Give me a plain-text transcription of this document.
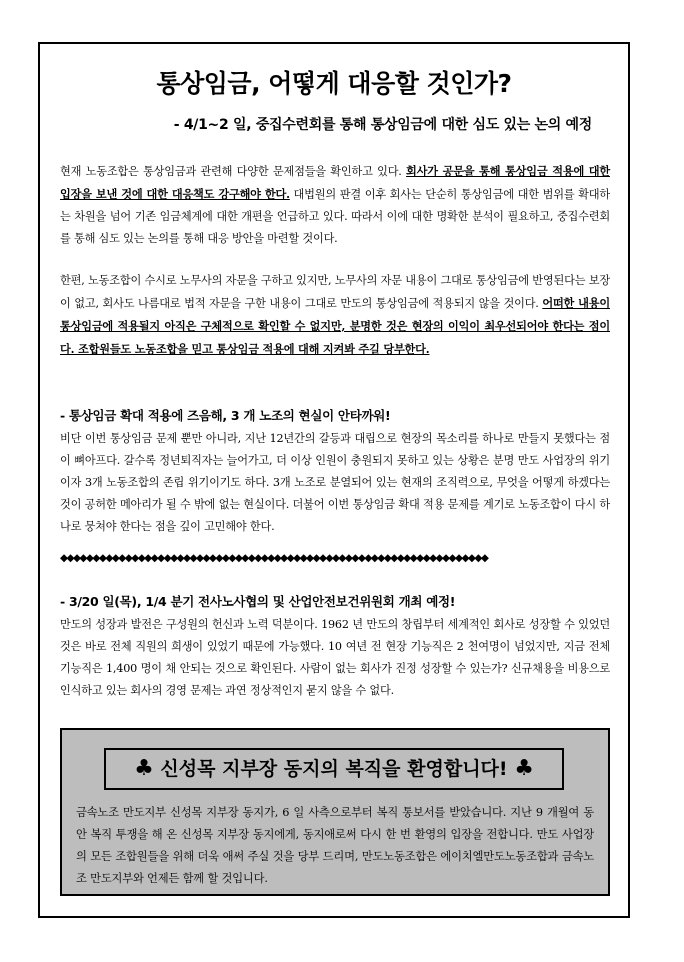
통상임금, 어떻게 대응할 것인가?
- 4/1~2 일, 중집수련회를 통해 통상임금에 대한 심도 있는 논의 예정
현재 노동조합은 통상임금과 관련해 다양한 문제점들을 확인하고 있다. 회사가 공문을 통해 통상임금 적용에 대한 입장을 보낸 것에 대한 대응책도 강구해야 한다. 대법원의 판결 이후 회사는 단순히 통상임금에 대한 범위를 확대하는 차원을 넘어 기존 임금체계에 대한 개편을 언급하고 있다. 따라서 이에 대한 명확한 분석이 필요하고, 중집수련회를 통해 심도 있는 논의를 통해 대응 방안을 마련할 것이다.
한편, 노동조합이 수시로 노무사의 자문을 구하고 있지만, 노무사의 자문 내용이 그대로 통상임금에 반영된다는 보장이 없고, 회사도 나름대로 법적 자문을 구한 내용이 그대로 만도의 통상임금에 적용되지 않을 것이다. 어떠한 내용이 통상임금에 적용될지 아직은 구체적으로 확인할 수 없지만, 분명한 것은 현장의 이익이 최우선되어야 한다는 점이다. 조합원들도 노동조합을 믿고 통상임금 적용에 대해 지켜봐 주길 당부한다.
- 통상임금 확대 적용에 즈음해, 3 개 노조의 현실이 안타까워!
비단 이번 통상임금 문제 뿐만 아니라, 지난 12년간의 갈등과 대립으로 현장의 목소리를 하나로 만들지 못했다는 점이 뼈아프다. 갈수록 정년퇴직자는 늘어가고, 더 이상 인원이 충원되지 못하고 있는 상황은 분명 만도 사업장의 위기이자 3개 노동조합의 존립 위기이기도 하다. 3개 노조로 분열되어 있는 현재의 조직력으로, 무엇을 어떻게 하겠다는 것이 공허한 메아리가 될 수 밖에 없는 현실이다. 더불어 이번 통상임금 확대 적용 문제를 계기로 노동조합이 다시 하나로 뭉쳐야 한다는 점을 깊이 고민해야 한다.
◆◆◆◆◆◆◆◆◆◆◆◆◆◆◆◆◆◆◆◆◆◆◆◆◆◆◆◆◆◆◆◆◆◆◆◆◆◆◆◆◆◆◆◆◆◆◆◆◆◆◆◆◆◆◆◆◆◆◆◆◆◆◆◆◆◆
- 3/20 일(목), 1/4 분기 전사노사협의 및 산업안전보건위원회 개최 예정!
만도의 성장과 발전은 구성원의 헌신과 노력 덕분이다. 1962 년 만도의 창립부터 세계적인 회사로 성장할 수 있었던 것은 바로 전체 직원의 희생이 있었기 때문에 가능했다. 10 여년 전 현장 기능직은 2 천여명이 넘었지만, 지금 전체 기능직은 1,400 명이 채 안되는 것으로 확인된다. 사람이 없는 회사가 진정 성장할 수 있는가? 신규채용을 비용으로 인식하고 있는 회사의 경영 문제는 과연 정상적인지 묻지 않을 수 없다.
♣ 신성목 지부장 동지의 복직을 환영합니다! ♣
금속노조 만도지부 신성목 지부장 동지가, 6 일 사측으로부터 복직 통보서를 받았습니다. 지난 9 개월여 동안 복직 투쟁을 해 온 신성목 지부장 동지에게, 동지애로써 다시 한 번 환영의 입장을 전합니다. 만도 사업장의 모든 조합원들을 위해 더욱 애써 주실 것을 당부 드리며, 만도노동조합은 에이치엘만도노동조합과 금속노조 만도지부와 언제든 함께 할 것입니다.
